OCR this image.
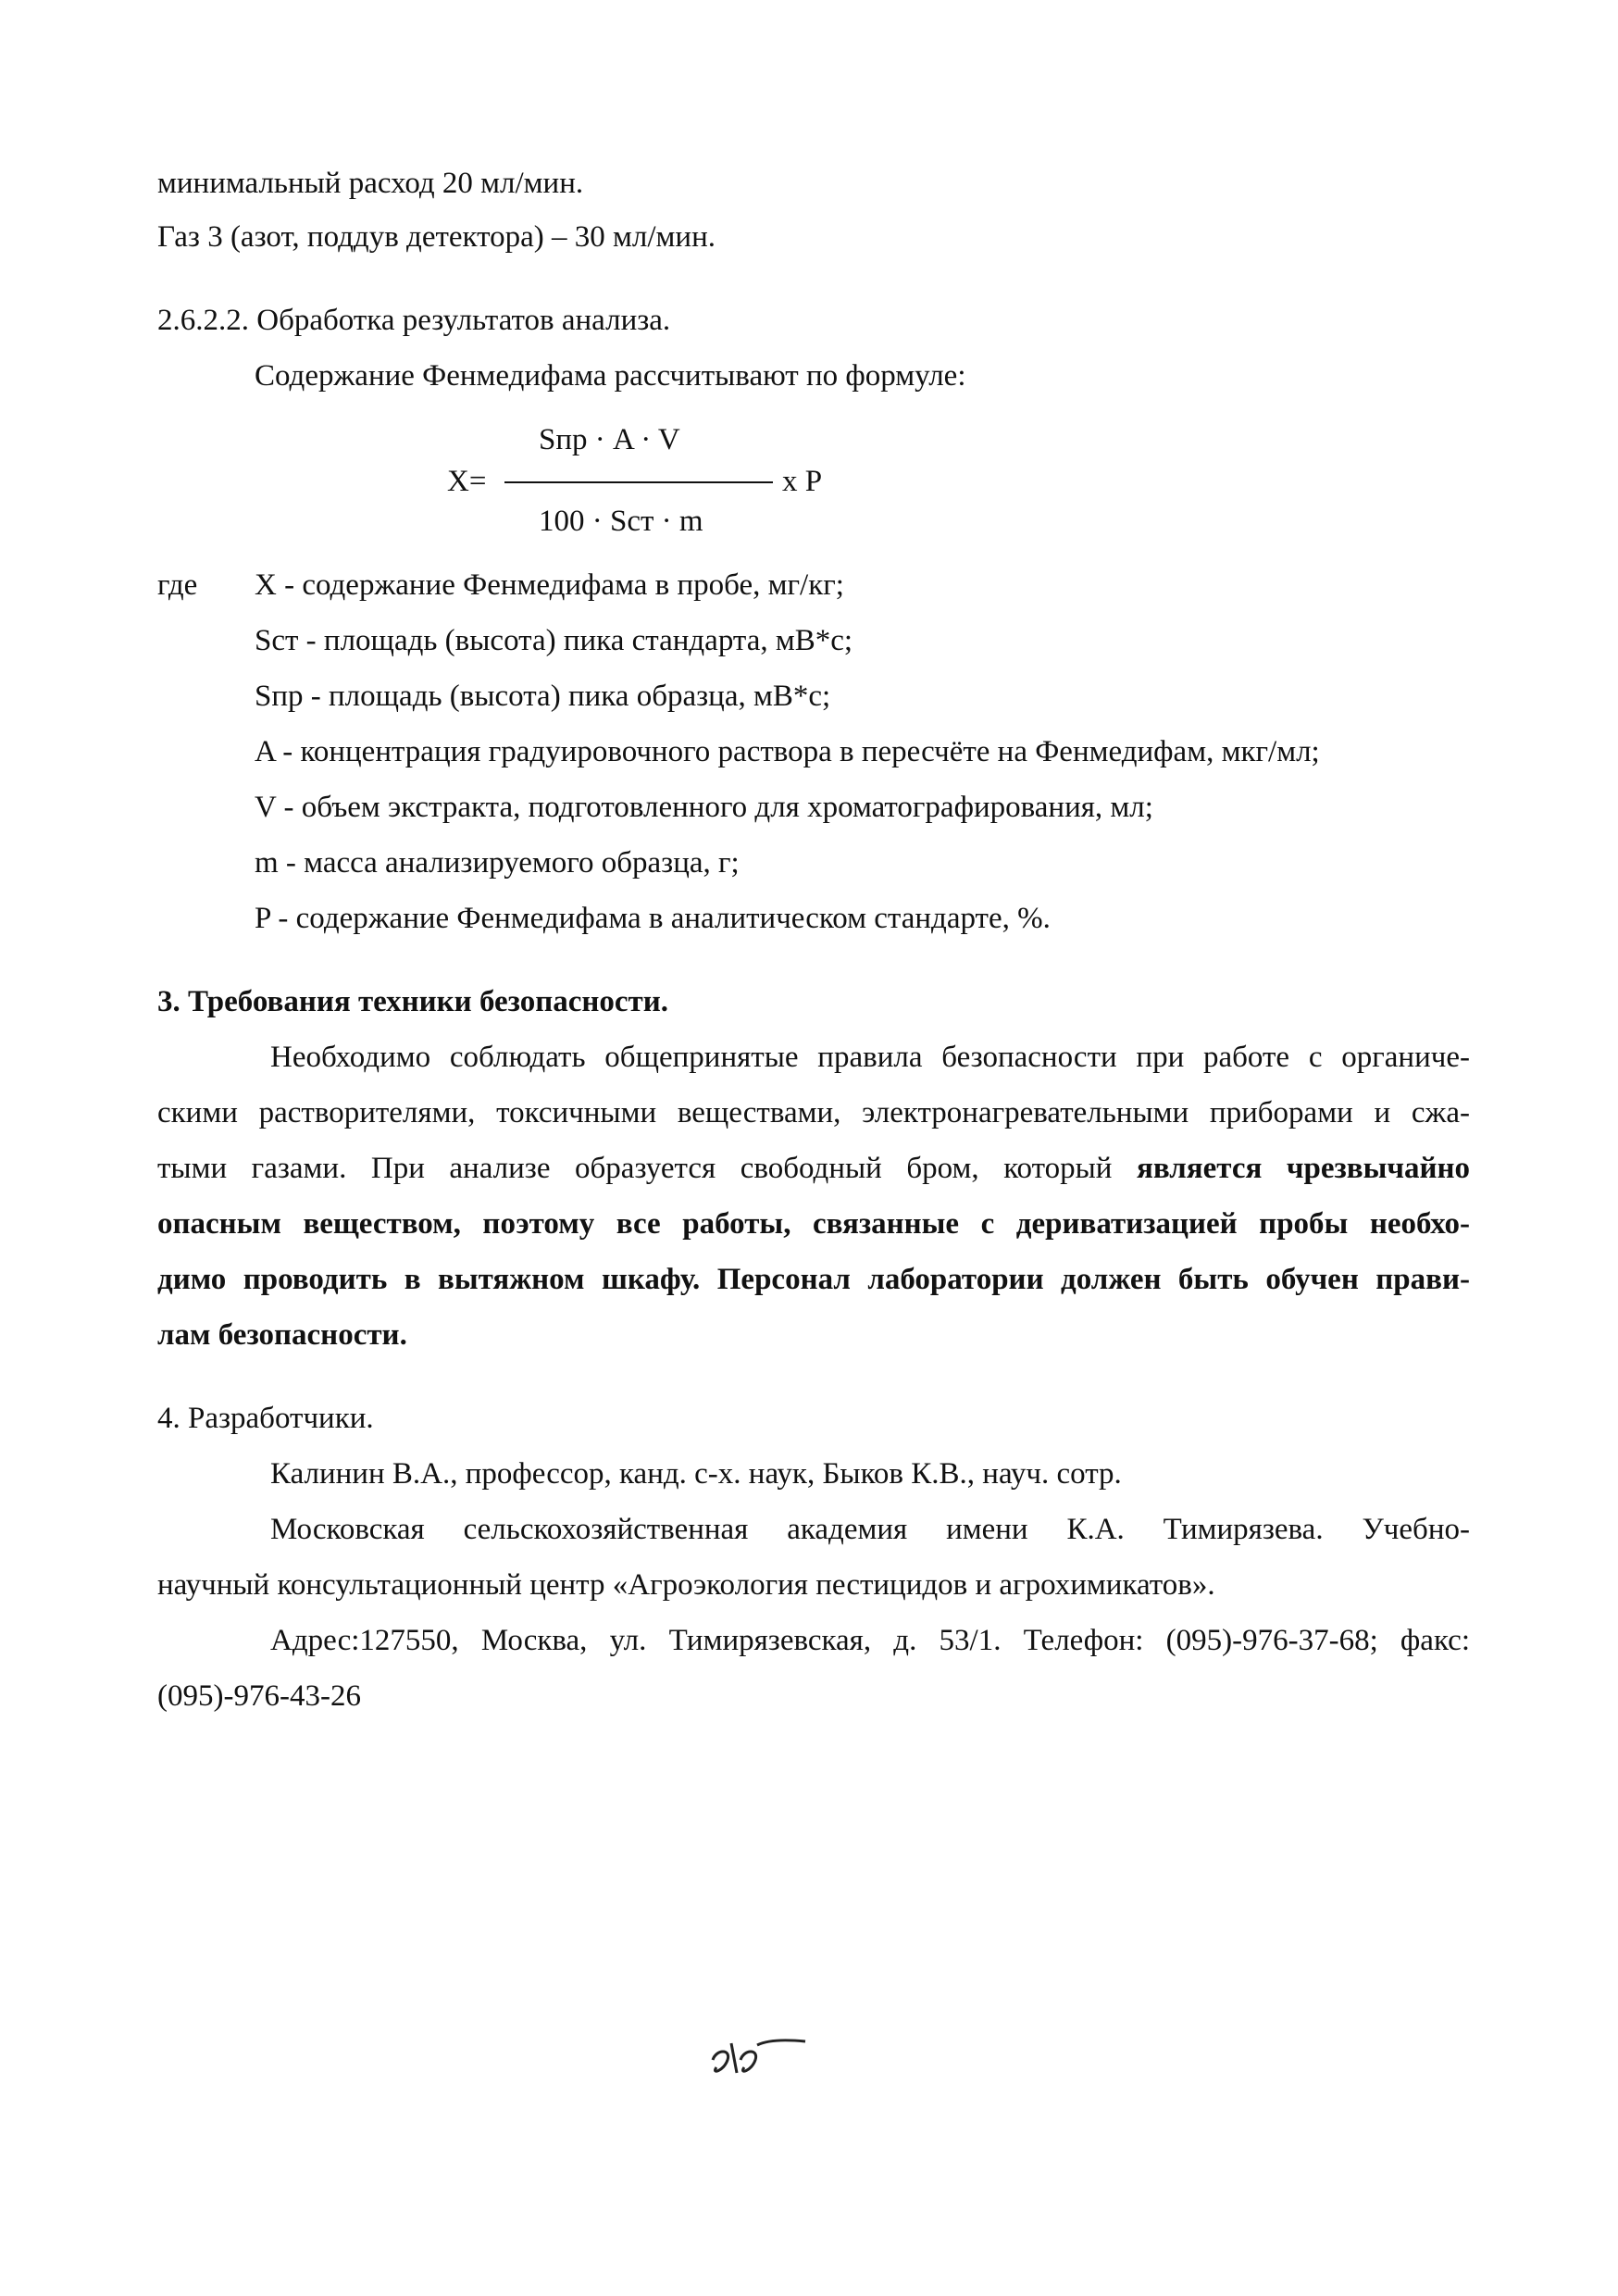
минимальный расход 20 мл/мин.
Газ 3 (азот, поддув детектора) – 30 мл/мин.
2.6.2.2. Обработка результатов анализа.
Содержание Фенмедифама рассчитывают по формуле:
Sпр · A · V
X=	x P
100 · Sст · m
где X - содержание Фенмедифама в пробе, мг/кг;
Sст - площадь (высота) пика стандарта, мВ*с;
Sпр - площадь (высота) пика образца, мВ*с;
A - концентрация градуировочного раствора в пересчёте на Фенмедифам, мкг/мл;
V - объем экстракта, подготовленного для хроматографирования, мл;
m - масса анализируемого образца, г;
P - содержание Фенмедифама в аналитическом стандарте, %.
3. Требования техники безопасности.
Необходимо соблюдать общепринятые правила безопасности при работе с органиче-
скими растворителями, токсичными веществами, электронагревательными приборами и сжа-
тыми газами. При анализе образуется свободный бром, который является чрезвычайно
опасным веществом, поэтому все работы, связанные с дериватизацией пробы необхо-
димо проводить в вытяжном шкафу. Персонал лаборатории должен быть обучен прави-
лам безопасности.
4. Разработчики.
Калинин В.А., профессор, канд. с-х. наук, Быков К.В., науч. сотр.
Московская сельскохозяйственная академия имени К.А. Тимирязева. Учебно-
научный консультационный центр «Агроэкология пестицидов и агрохимикатов».
Адрес:127550, Москва, ул. Тимирязевская, д. 53/1. Телефон: (095)-976-37-68; факс:
(095)-976-43-26
